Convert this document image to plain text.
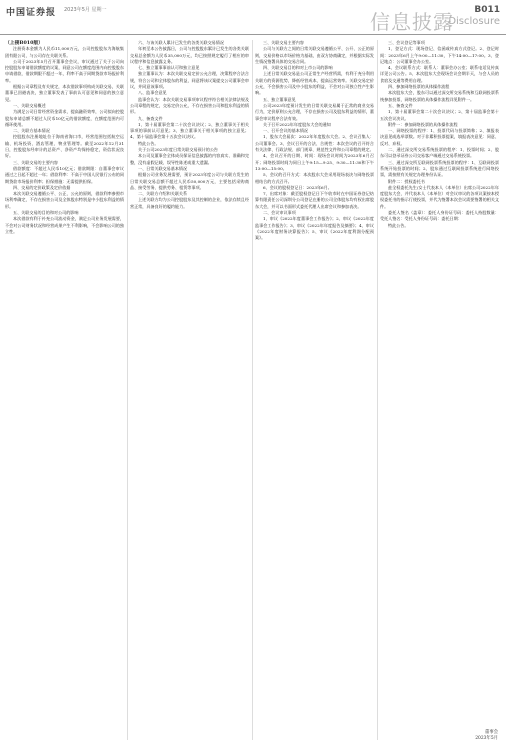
中国证券报 2023年5月 星期一	信息披露 B011
Disclosure
（上接B010版）

注册资本金额为人民币11,000万元，公司控股股东为海航集团有限公司，与公司存在关联关系。

公司于2023年5月召开董事会会议，审议通过了关于公司向控股股东申请借款额度的议案，同意公司在额度范围内向控股股东申请借款，借款期限不超过一年，利率不高于同期贷款市场报价利率。

根据公司章程及有关规定，本次借款事项构成关联交易，关联董事已回避表决，独立董事发表了事前认可意见和同意的独立意见。

一、关联交易概述

为满足公司日常经营资金需求，提高融资效率，公司拟向控股股东申请总额不超过人民币10亿元的借款额度，在额度范围内可循环使用。

二、关联方基本情况

控股股东注册地址位于海南省海口市，经营范围包括航空运输、机场投资、酒店管理、物业管理等。截至2022年12月31日，控股股东经审计的总资产、净资产均保持稳定，资信状况良好。

三、关联交易的主要内容

借款额度：不超过人民币10亿元；借款期限：自董事会审议通过之日起不超过一年；借款利率：不高于中国人民银行公布的同期贷款市场报价利率；担保措施：无需提供担保。

四、交易的定价政策及定价依据

本次关联交易遵循公平、公正、公允的原则，借款利率参照市场利率确定，不存在损害公司及全体股东特别是中小股东利益的情形。

五、关联交易的目的和对公司的影响

本次借款有利于补充公司流动资金，满足公司业务发展需要，不会对公司财务状况和经营成果产生不利影响，不会影响公司的独立性。

六、与该关联人累计已发生的各类关联交易情况

年初至本公告披露日，公司与控股股东累计已发生的各类关联交易总金额为人民币35,000万元，均已按照规定履行了相应的审议程序和信息披露义务。

七、独立董事事前认可和独立意见

独立董事认为：本次关联交易定价公允合理，决策程序合法合规，符合公司和全体股东的利益，同意将该议案提交公司董事会审议，并同意该事项。

八、监事会意见

监事会认为：本次关联交易事项审议程序符合相关法律法规及公司章程的规定，交易定价公允，不存在损害公司和股东利益的情形。

九、备查文件

1、第十届董事会第二十次会议决议；2、独立董事关于相关事项的事前认可意见；3、独立董事关于相关事项的独立意见；4、第十届监事会第十五次会议决议。

特此公告。

关于公司2023年度日常关联交易预计的公告

本公司及董事会全体成员保证信息披露的内容真实、准确和完整，没有虚假记载、误导性陈述或重大遗漏。

一、日常关联交易基本情况

根据公司业务发展需要，预计2023年度公司与关联方发生的日常关联交易总额不超过人民币50,000万元，主要包括采购商品、接受劳务、提供劳务、租赁等事项。

二、关联方介绍和关联关系

上述关联方均为公司控股股东及其控制的企业，依法存续且经营正常，具备良好的履约能力。

三、关联交易主要内容

公司与关联方之间的日常关联交易遵循公平、公开、公正的原则，交易价格以市场价格为基础，由双方协商确定，并根据实际发生情况签署具体的交易合同。

四、关联交易目的和对上市公司的影响

上述日常关联交易是公司正常生产经营所需，有利于充分利用关联方的资源优势，降低经营成本，提高运营效率。关联交易定价公允，不会损害公司及中小股东的利益，不会对公司独立性产生影响。

五、独立董事意见

公司2023年度预计发生的日常关联交易属于正常的商业交易行为，定价原则公允合理，不存在损害公司及股东利益的情形，董事会审议程序合法有效。

关于召开2022年年度股东大会的通知

一、召开会议的基本情况

1、股东大会届次：2022年年度股东大会。2、会议召集人：公司董事会。3、会议召开的合法、合规性：本次会议的召开符合有关法律、行政法规、部门规章、规范性文件和公司章程的规定。

4、会议召开的日期、时间：现场会议时间为2023年6月召开；网络投票时间为同日上午9:15—9:25、9:30—11:30和下午13:00—15:00。

5、会议的召开方式：本次股东大会采用现场表决与网络投票相结合的方式召开。

6、会议的股权登记日：2023年6月。

7、出席对象：截至股权登记日下午收市时在中国证券登记结算有限责任公司深圳分公司登记在册的公司全体股东均有权出席股东大会，并可以书面形式委托代理人出席会议和参加表决。

二、会议审议事项

1、审议《2022年度董事会工作报告》；2、审议《2022年度监事会工作报告》；3、审议《2022年年度报告及摘要》；4、审议《2022年度财务决算报告》；5、审议《2022年度利润分配预案》。

三、会议登记等事项

1、登记方式：现场登记、信函或传真方式登记。2、登记时间：2023年6月上午9:00—11:30，下午14:00—17:00。3、登记地点：公司董事会办公室。

4、会议联系方式：联系人：董事会办公室；联系电话及传真详见公司公告。5、本次股东大会现场会议会期半天，与会人员的食宿及交通等费用自理。

四、参加网络投票的具体操作流程

本次股东大会，股东可以通过深交所交易系统和互联网投票系统参加投票，网络投票的具体操作流程详见附件一。

五、备查文件

1、第十届董事会第二十次会议决议；2、第十届监事会第十五次会议决议。

附件一：参加网络投票的具体操作流程

一、网络投票的程序：1、投票代码与投票简称；2、填报表决意见或选举票数。对于非累积投票提案，填报表决意见：同意、反对、弃权。

二、通过深交所交易系统投票的程序：1、投票时间；2、股东可以登录证券公司交易客户端通过交易系统投票。

三、通过深交所互联网投票系统投票的程序：1、互联网投票系统开始投票的时间；2、股东通过互联网投票系统进行网络投票，需按照有关规定办理身份认证。

附件二：授权委托书

兹全权委托先生/女士代表本人（本单位）出席公司2022年年度股东大会，并代表本人（本单位）对会议审议的各项议案按本授权委托书的指示行使投票，并代为签署本次会议需要签署的相关文件。

委托人签名（盖章）：委托人身份证号码：委托人持股数量：受托人签名：受托人身份证号码：委托日期：

特此公告。

董事会
2023年5月
